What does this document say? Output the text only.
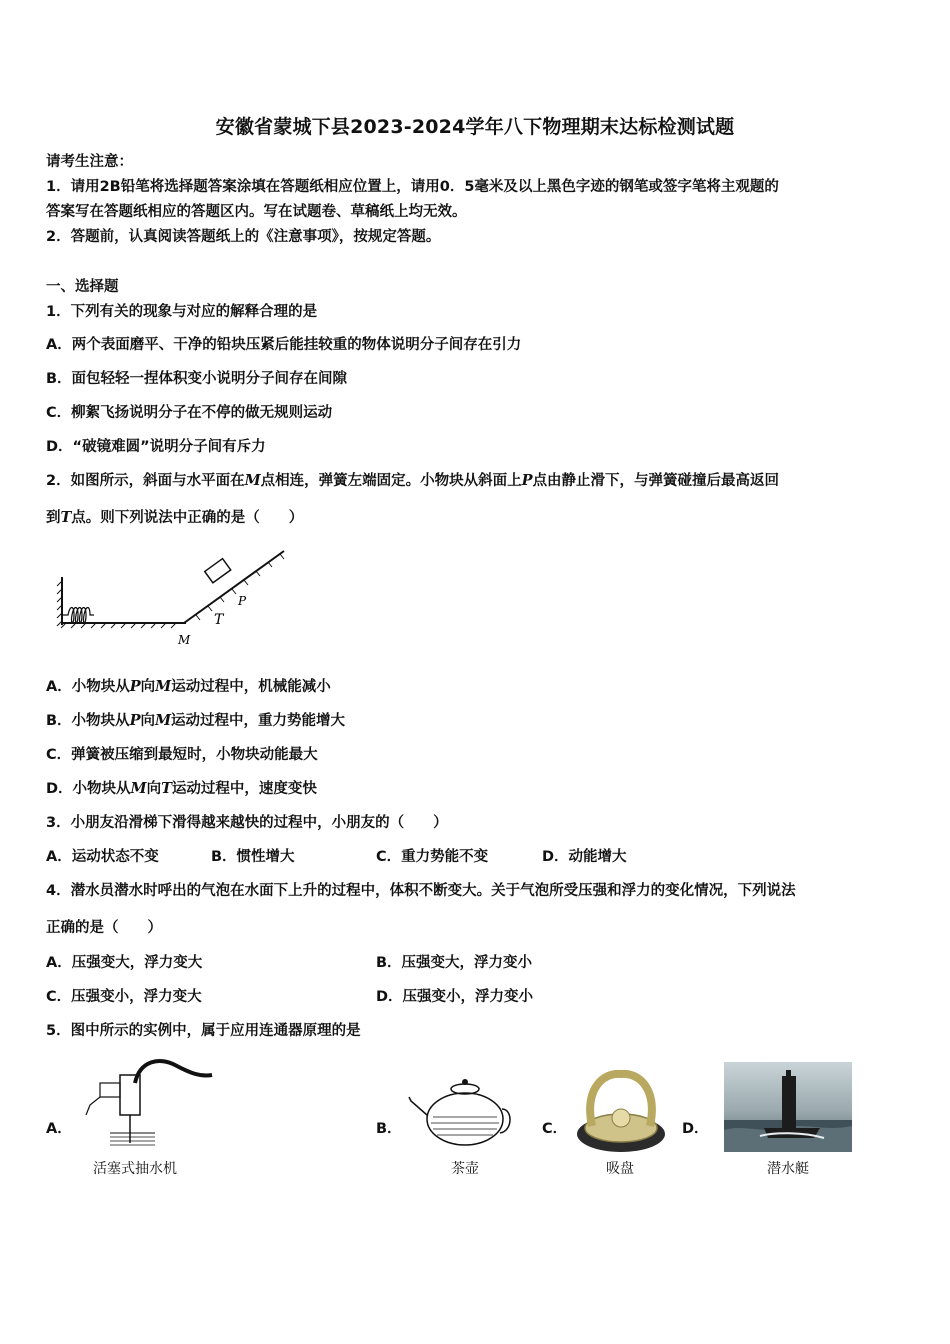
安徽省蒙城下县2023-2024学年八下物理期末达标检测试题
请考生注意：
1．请用2B铅笔将选择题答案涂填在答题纸相应位置上，请用0．5毫米及以上黑色字迹的钢笔或签字笔将主观题的
答案写在答题纸相应的答题区内。写在试题卷、草稿纸上均无效。
2．答题前，认真阅读答题纸上的《注意事项》，按规定答题。
一、选择题
1．下列有关的现象与对应的解释合理的是
A．两个表面磨平、干净的铅块压紧后能挂较重的物体说明分子间存在引力
B．面包轻轻一捏体积变小说明分子间存在间隙
C．柳絮飞扬说明分子在不停的做无规则运动
D．“破镜难圆”说明分子间有斥力
2．如图所示，斜面与水平面在M点相连，弹簧左端固定。小物块从斜面上P点由静止滑下，与弹簧碰撞后最高返回
到T点。则下列说法中正确的是（　　）
P
T
M
A．小物块从P向M运动过程中，机械能减小
B．小物块从P向M运动过程中，重力势能增大
C．弹簧被压缩到最短时，小物块动能最大
D．小物块从M向T运动过程中，速度变快
3．小朋友沿滑梯下滑得越来越快的过程中，小朋友的（　　）
A．运动状态不变	B．惯性增大	C．重力势能不变	D．动能增大
4．潜水员潜水时呼出的气泡在水面下上升的过程中，体积不断变大。关于气泡所受压强和浮力的变化情况，下列说法
正确的是（　　）
A．压强变大，浮力变大	B．压强变大，浮力变小
C．压强变小，浮力变大	D．压强变小，浮力变小
5．图中所示的实例中，属于应用连通器原理的是
A．
活塞式抽水机
B．
茶壶
C．
吸盘
D．
潜水艇
